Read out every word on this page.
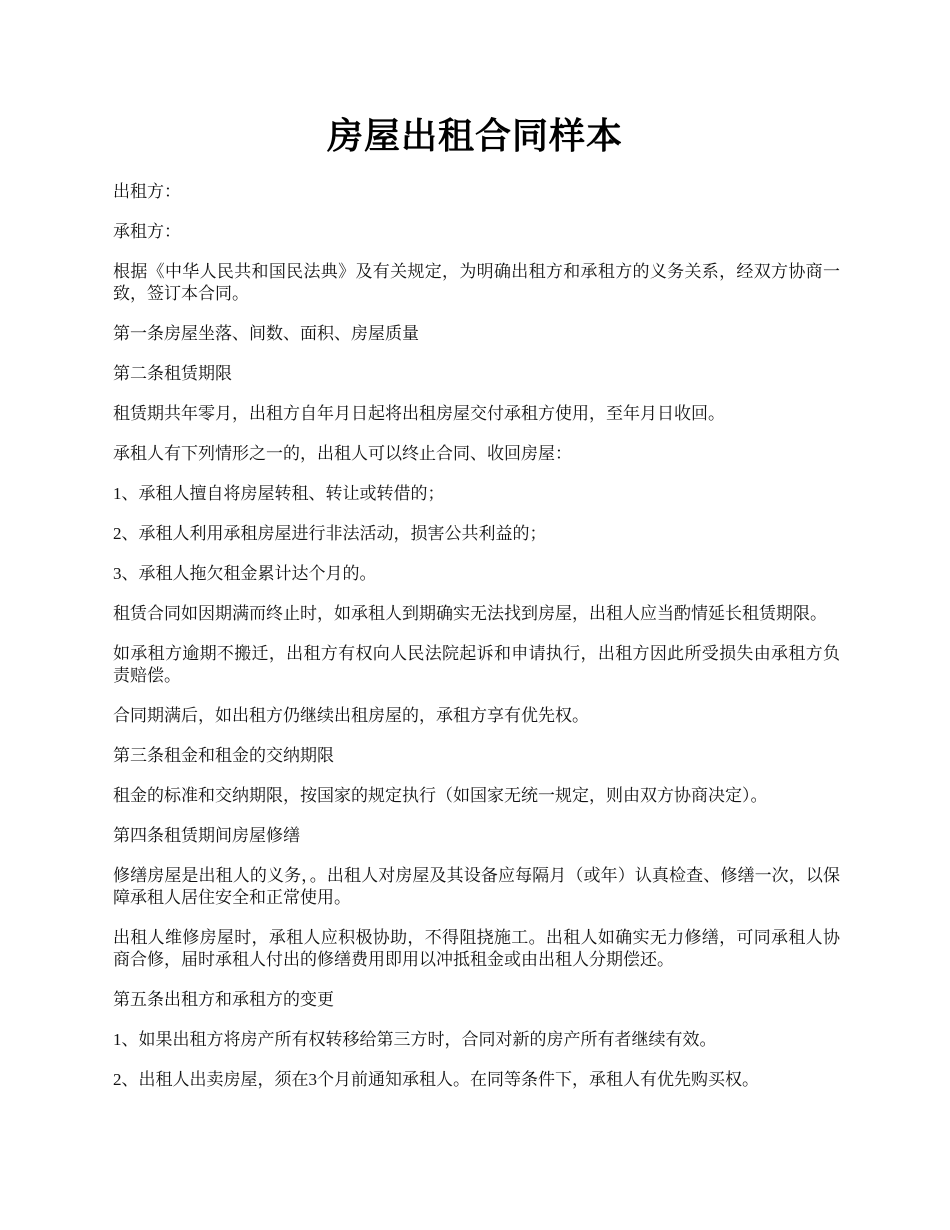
房屋出租合同样本

出租方：

承租方：

根据《中华人民共和国民法典》及有关规定，为明确出租方和承租方的义务关系，经双方协商一致，签订本合同。

第一条房屋坐落、间数、面积、房屋质量

第二条租赁期限

租赁期共年零月，出租方自年月日起将出租房屋交付承租方使用，至年月日收回。

承租人有下列情形之一的，出租人可以终止合同、收回房屋：

1、承租人擅自将房屋转租、转让或转借的；

2、承租人利用承租房屋进行非法活动，损害公共利益的；

3、承租人拖欠租金累计达个月的。

租赁合同如因期满而终止时，如承租人到期确实无法找到房屋，出租人应当酌情延长租赁期限。

如承租方逾期不搬迁，出租方有权向人民法院起诉和申请执行，出租方因此所受损失由承租方负责赔偿。

合同期满后，如出租方仍继续出租房屋的，承租方享有优先权。

第三条租金和租金的交纳期限

租金的标准和交纳期限，按国家的规定执行（如国家无统一规定，则由双方协商决定）。

第四条租赁期间房屋修缮

修缮房屋是出租人的义务，。出租人对房屋及其设备应每隔月（或年）认真检查、修缮一次，以保障承租人居住安全和正常使用。

出租人维修房屋时，承租人应积极协助，不得阻挠施工。出租人如确实无力修缮，可同承租人协商合修，届时承租人付出的修缮费用即用以冲抵租金或由出租人分期偿还。

第五条出租方和承租方的变更

1、如果出租方将房产所有权转移给第三方时，合同对新的房产所有者继续有效。

2、出租人出卖房屋，须在3个月前通知承租人。在同等条件下，承租人有优先购买权。
